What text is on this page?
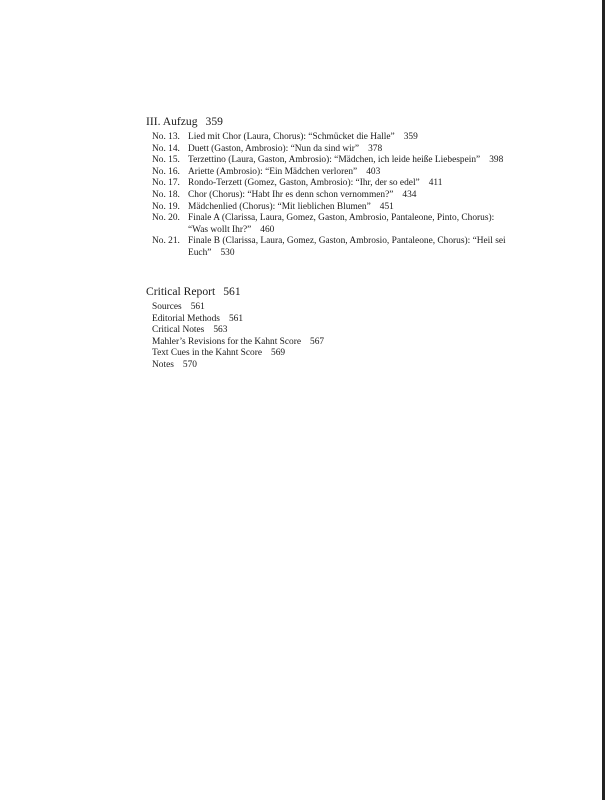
III. Aufzug 359
No. 13. Lied mit Chor (Laura, Chorus): “Schmücket die Halle” 359
No. 14. Duett (Gaston, Ambrosio): “Nun da sind wir” 378
No. 15. Terzettino (Laura, Gaston, Ambrosio): “Mädchen, ich leide heiße Liebespein” 398
No. 16. Ariette (Ambrosio): “Ein Mädchen verloren” 403
No. 17. Rondo-Terzett (Gomez, Gaston, Ambrosio): “Ihr, der so edel” 411
No. 18. Chor (Chorus): “Habt Ihr es denn schon vernommen?” 434
No. 19. Mädchenlied (Chorus): “Mit lieblichen Blumen” 451
No. 20. Finale A (Clarissa, Laura, Gomez, Gaston, Ambrosio, Pantaleone, Pinto, Chorus): “Was wollt Ihr?” 460
No. 21. Finale B (Clarissa, Laura, Gomez, Gaston, Ambrosio, Pantaleone, Chorus): “Heil sei Euch” 530
Critical Report 561
Sources 561
Editorial Methods 561
Critical Notes 563
Mahler’s Revisions for the Kahnt Score 567
Text Cues in the Kahnt Score 569
Notes 570
